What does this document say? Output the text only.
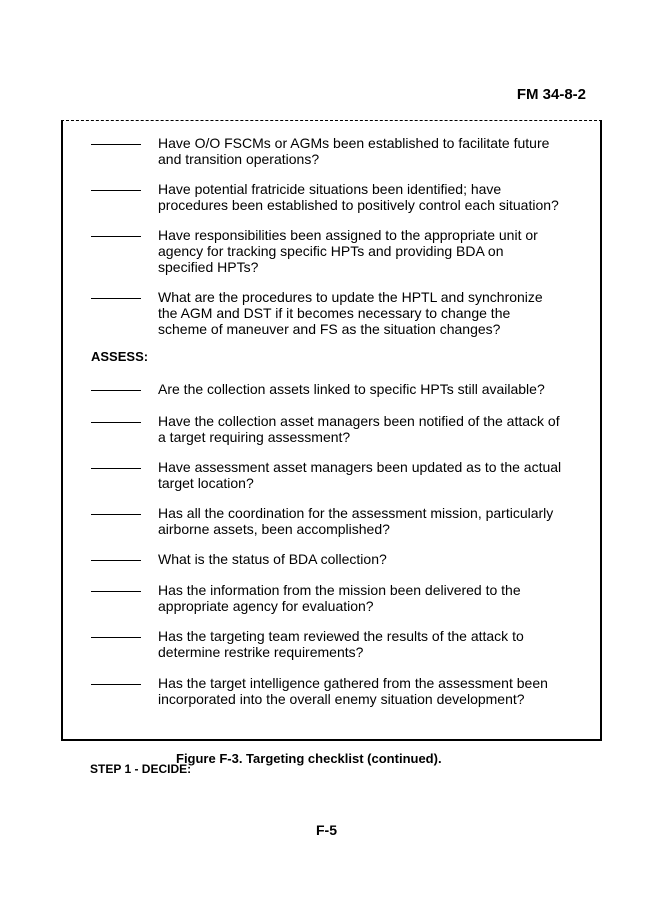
FM 34-8-2
Have O/O FSCMs or AGMs been established to facilitate future
and transition operations?
Have potential fratricide situations been identified; have
procedures been established to positively control each situation?
Have responsibilities been assigned to the appropriate unit or
agency for tracking specific HPTs and providing BDA on
specified HPTs?
What are the procedures to update the HPTL and synchronize
the AGM and DST if it becomes necessary to change the
scheme of maneuver and FS as the situation changes?
ASSESS:
Are the collection assets linked to specific HPTs still available?
Have the collection asset managers been notified of the attack of
a target requiring assessment?
Have assessment asset managers been updated as to the actual
target location?
Has all the coordination for the assessment mission, particularly
airborne assets, been accomplished?
What is the status of BDA collection?
Has the information from the mission been delivered to the
appropriate agency for evaluation?
Has the targeting team reviewed the results of the attack to
determine restrike requirements?
Has the target intelligence gathered from the assessment been
incorporated into the overall enemy situation development?
Figure F-3. Targeting checklist (continued).
STEP 1 - DECIDE:
F-5
